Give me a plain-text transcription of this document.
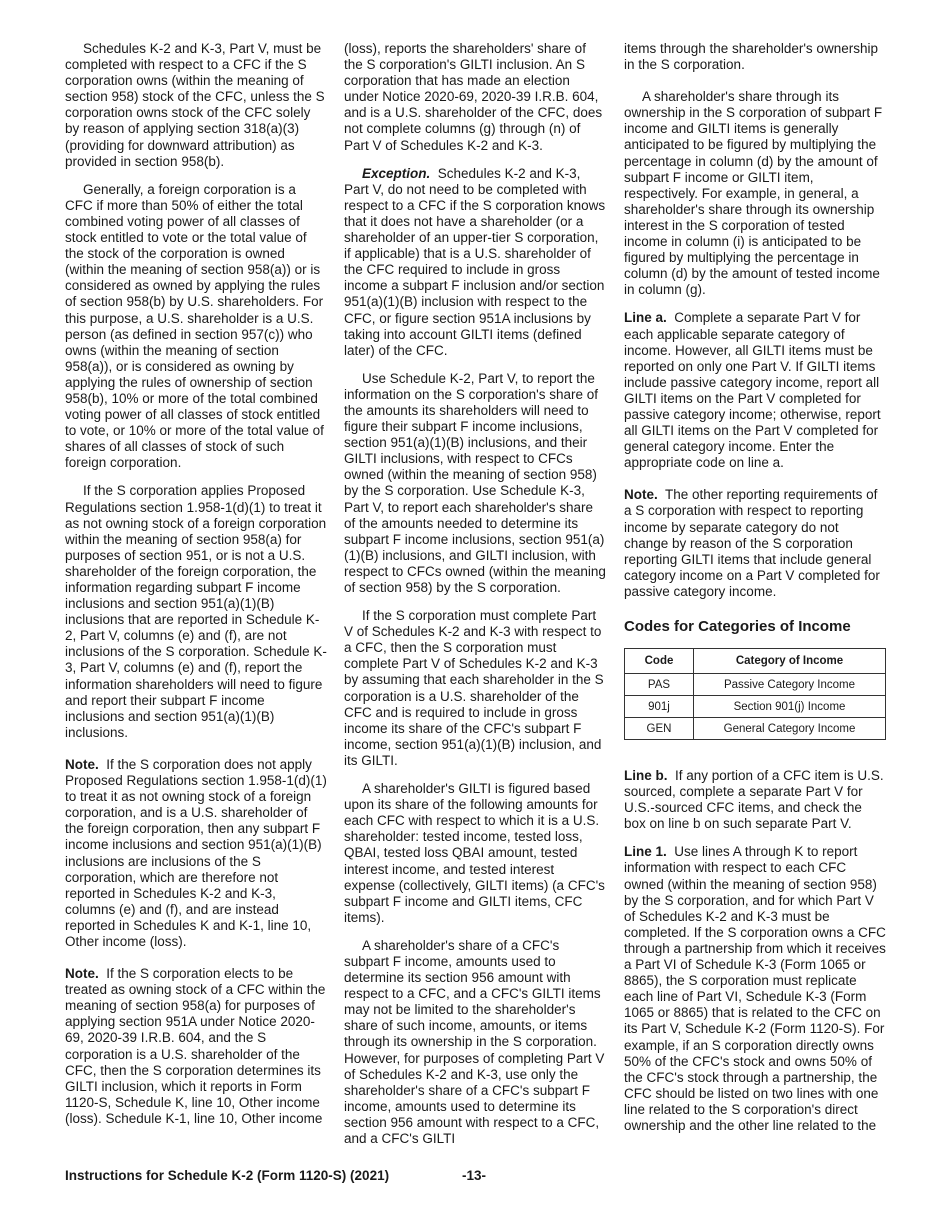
Schedules K-2 and K-3, Part V, must be completed with respect to a CFC if the S corporation owns (within the meaning of section 958) stock of the CFC, unless the S corporation owns stock of the CFC solely by reason of applying section 318(a)(3) (providing for downward attribution) as provided in section 958(b).

Generally, a foreign corporation is a CFC if more than 50% of either the total combined voting power of all classes of stock entitled to vote or the total value of the stock of the corporation is owned (within the meaning of section 958(a)) or is considered as owned by applying the rules of section 958(b) by U.S. shareholders. For this purpose, a U.S. shareholder is a U.S. person (as defined in section 957(c)) who owns (within the meaning of section 958(a)), or is considered as owning by applying the rules of ownership of section 958(b), 10% or more of the total combined voting power of all classes of stock entitled to vote, or 10% or more of the total value of shares of all classes of stock of such foreign corporation.

If the S corporation applies Proposed Regulations section 1.958-1(d)(1) to treat it as not owning stock of a foreign corporation within the meaning of section 958(a) for purposes of section 951, or is not a U.S. shareholder of the foreign corporation, the information regarding subpart F income inclusions and section 951(a)(1)(B) inclusions that are reported in Schedule K-2, Part V, columns (e) and (f), are not inclusions of the S corporation. Schedule K-3, Part V, columns (e) and (f), report the information shareholders will need to figure and report their subpart F income inclusions and section 951(a)(1)(B) inclusions.

Note. If the S corporation does not apply Proposed Regulations section 1.958-1(d)(1) to treat it as not owning stock of a foreign corporation, and is a U.S. shareholder of the foreign corporation, then any subpart F income inclusions and section 951(a)(1)(B) inclusions are inclusions of the S corporation, which are therefore not reported in Schedules K-2 and K-3, columns (e) and (f), and are instead reported in Schedules K and K-1, line 10, Other income (loss).

Note. If the S corporation elects to be treated as owning stock of a CFC within the meaning of section 958(a) for purposes of applying section 951A under Notice 2020-69, 2020-39 I.R.B. 604, and the S corporation is a U.S. shareholder of the CFC, then the S corporation determines its GILTI inclusion, which it reports in Form 1120-S, Schedule K, line 10, Other income (loss). Schedule K-1, line 10, Other income

(loss), reports the shareholders' share of the S corporation's GILTI inclusion. An S corporation that has made an election under Notice 2020-69, 2020-39 I.R.B. 604, and is a U.S. shareholder of the CFC, does not complete columns (g) through (n) of Part V of Schedules K-2 and K-3.

Exception. Schedules K-2 and K-3, Part V, do not need to be completed with respect to a CFC if the S corporation knows that it does not have a shareholder (or a shareholder of an upper-tier S corporation, if applicable) that is a U.S. shareholder of the CFC required to include in gross income a subpart F inclusion and/or section 951(a)(1)(B) inclusion with respect to the CFC, or figure section 951A inclusions by taking into account GILTI items (defined later) of the CFC.

Use Schedule K-2, Part V, to report the information on the S corporation's share of the amounts its shareholders will need to figure their subpart F income inclusions, section 951(a)(1)(B) inclusions, and their GILTI inclusions, with respect to CFCs owned (within the meaning of section 958) by the S corporation. Use Schedule K-3, Part V, to report each shareholder's share of the amounts needed to determine its subpart F income inclusions, section 951(a)(1)(B) inclusions, and GILTI inclusion, with respect to CFCs owned (within the meaning of section 958) by the S corporation.

If the S corporation must complete Part V of Schedules K-2 and K-3 with respect to a CFC, then the S corporation must complete Part V of Schedules K-2 and K-3 by assuming that each shareholder in the S corporation is a U.S. shareholder of the CFC and is required to include in gross income its share of the CFC's subpart F income, section 951(a)(1)(B) inclusion, and its GILTI.

A shareholder's GILTI is figured based upon its share of the following amounts for each CFC with respect to which it is a U.S. shareholder: tested income, tested loss, QBAI, tested loss QBAI amount, tested interest income, and tested interest expense (collectively, GILTI items) (a CFC's subpart F income and GILTI items, CFC items).

A shareholder's share of a CFC's subpart F income, amounts used to determine its section 956 amount with respect to a CFC, and a CFC's GILTI items may not be limited to the shareholder's share of such income, amounts, or items through its ownership in the S corporation. However, for purposes of completing Part V of Schedules K-2 and K-3, use only the shareholder's share of a CFC's subpart F income, amounts used to determine its section 956 amount with respect to a CFC, and a CFC's GILTI

items through the shareholder's ownership in the S corporation.

A shareholder's share through its ownership in the S corporation of subpart F income and GILTI items is generally anticipated to be figured by multiplying the percentage in column (d) by the amount of subpart F income or GILTI item, respectively. For example, in general, a shareholder's share through its ownership interest in the S corporation of tested income in column (i) is anticipated to be figured by multiplying the percentage in column (d) by the amount of tested income in column (g).

Line a. Complete a separate Part V for each applicable separate category of income. However, all GILTI items must be reported on only one Part V. If GILTI items include passive category income, report all GILTI items on the Part V completed for passive category income; otherwise, report all GILTI items on the Part V completed for general category income. Enter the appropriate code on line a.

Note. The other reporting requirements of a S corporation with respect to reporting income by separate category do not change by reason of the S corporation reporting GILTI items that include general category income on a Part V completed for passive category income.

Codes for Categories of Income
Code	Category of Income
PAS	Passive Category Income
901j	Section 901(j) Income
GEN	General Category Income

Line b. If any portion of a CFC item is U.S. sourced, complete a separate Part V for U.S.-sourced CFC items, and check the box on line b on such separate Part V.

Line 1. Use lines A through K to report information with respect to each CFC owned (within the meaning of section 958) by the S corporation, and for which Part V of Schedules K-2 and K-3 must be completed. If the S corporation owns a CFC through a partnership from which it receives a Part VI of Schedule K-3 (Form 1065 or 8865), the S corporation must replicate each line of Part VI, Schedule K-3 (Form 1065 or 8865) that is related to the CFC on its Part V, Schedule K-2 (Form 1120-S). For example, if an S corporation directly owns 50% of the CFC's stock and owns 50% of the CFC's stock through a partnership, the CFC should be listed on two lines with one line related to the S corporation's direct ownership and the other line related to the

Instructions for Schedule K-2 (Form 1120-S) (2021)	-13-
